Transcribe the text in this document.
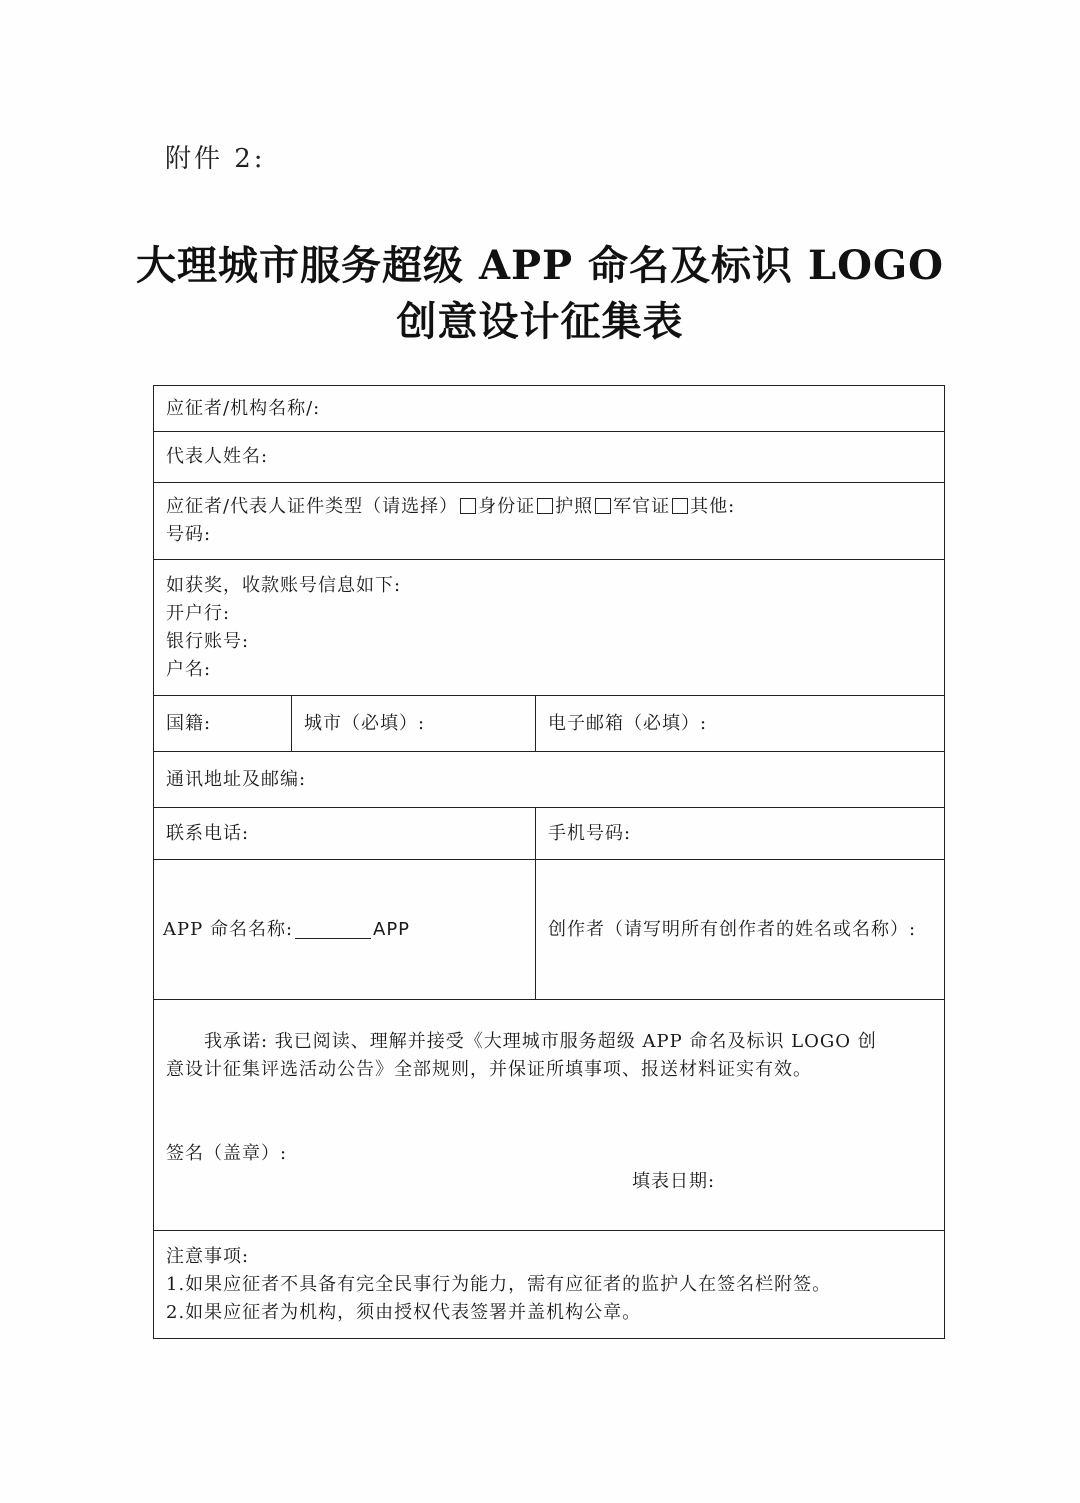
附件 2:
大理城市服务超级 APP 命名及标识 LOGO
创意设计征集表
应征者/机构名称/:		
代表人姓名:		

应征者/代表人证件类型（请选择） 身份证 护照 军官证 其他:
号码:		

如获奖，收款账号信息如下:
开户行:
银行账号:
户名:		

国籍:	城市（必填）:	电子邮箱（必填）:
通讯地址及邮编:		
联系电话:		手机号码:

APP 命名名称: APP		创作者（请写明所有创作者的姓名或名称）:

我承诺: 我已阅读、理解并接受《大理城市服务超级 APP 命名及标识 LOGO 创
意设计征集评选活动公告》全部规则，并保证所填事项、报送材料证实有效。
签名（盖章）:
填表日期:		

注意事项:
1.如果应征者不具备有完全民事行为能力，需有应征者的监护人在签名栏附签。
2.如果应征者为机构，须由授权代表签署并盖机构公章。		
